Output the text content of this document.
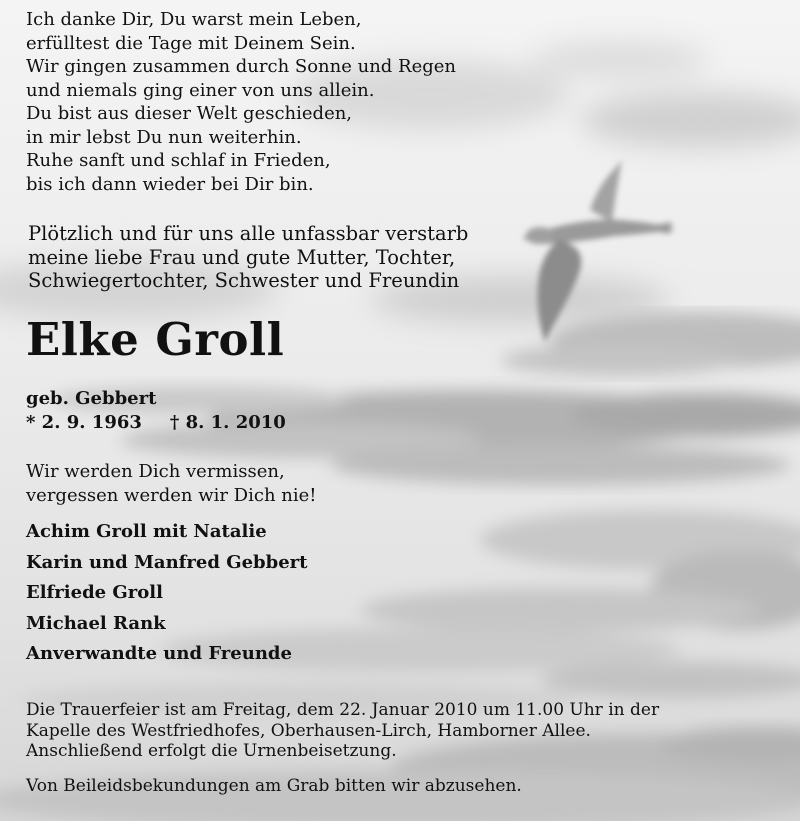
Ich danke Dir, Du warst mein Leben,
erfülltest die Tage mit Deinem Sein.
Wir gingen zusammen durch Sonne und Regen
und niemals ging einer von uns allein.
Du bist aus dieser Welt geschieden,
in mir lebst Du nun weiterhin.
Ruhe sanft und schlaf in Frieden,
bis ich dann wieder bei Dir bin.
Plötzlich und für uns alle unfassbar verstarb
meine liebe Frau und gute Mutter, Tochter,
Schwiegertochter, Schwester und Freundin
Elke Groll
geb. Gebbert
* 2. 9. 1963 † 8. 1. 2010
Wir werden Dich vermissen,
vergessen werden wir Dich nie!
Achim Groll mit Natalie
Karin und Manfred Gebbert
Elfriede Groll
Michael Rank
Anverwandte und Freunde
Die Trauerfeier ist am Freitag, dem 22. Januar 2010 um 11.00 Uhr in der
Kapelle des Westfriedhofes, Oberhausen-Lirch, Hamborner Allee.
Anschließend erfolgt die Urnenbeisetzung.
Von Beileidsbekundungen am Grab bitten wir abzusehen.
